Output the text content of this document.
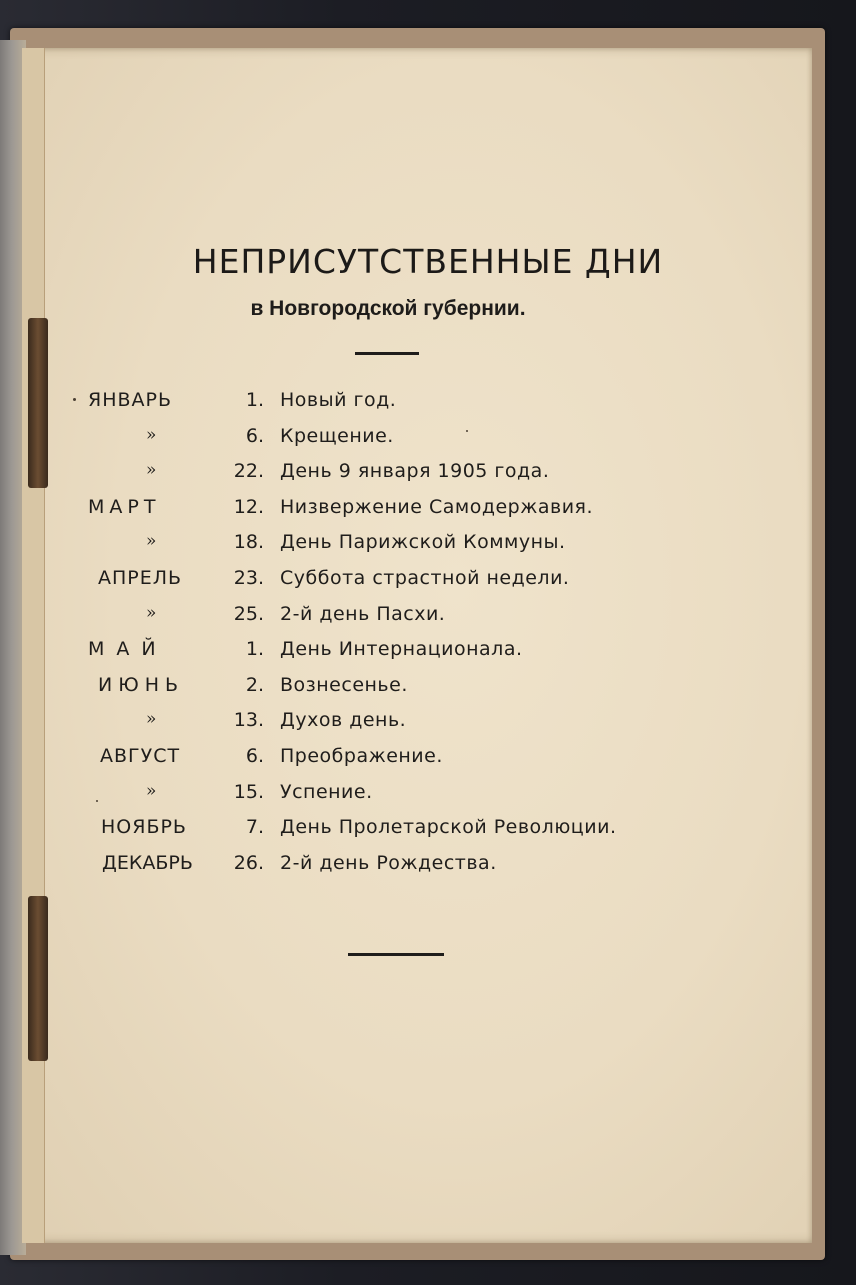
НЕПРИСУТСТВЕННЫЕ ДНИ
в Новгородской губернии.
ЯНВАРЬ	1. Новый год.
»	6. Крещение.
»	22. День 9 января 1905 года.
МАРТ	12. Низвержение Самодержавия.
»	18. День Парижской Коммуны.
АПРЕЛЬ	23. Суббота страстной недели.
»	25. 2-й день Пасхи.
МАЙ	1. День Интернационала.
ИЮНЬ	2. Вознесенье.
»	13. Духов день.
АВГУСТ	6. Преображение.
»	15. Успение.
НОЯБРЬ	7. День Пролетарской Революции.
ДЕКАБРЬ	26. 2-й день Рождества.
